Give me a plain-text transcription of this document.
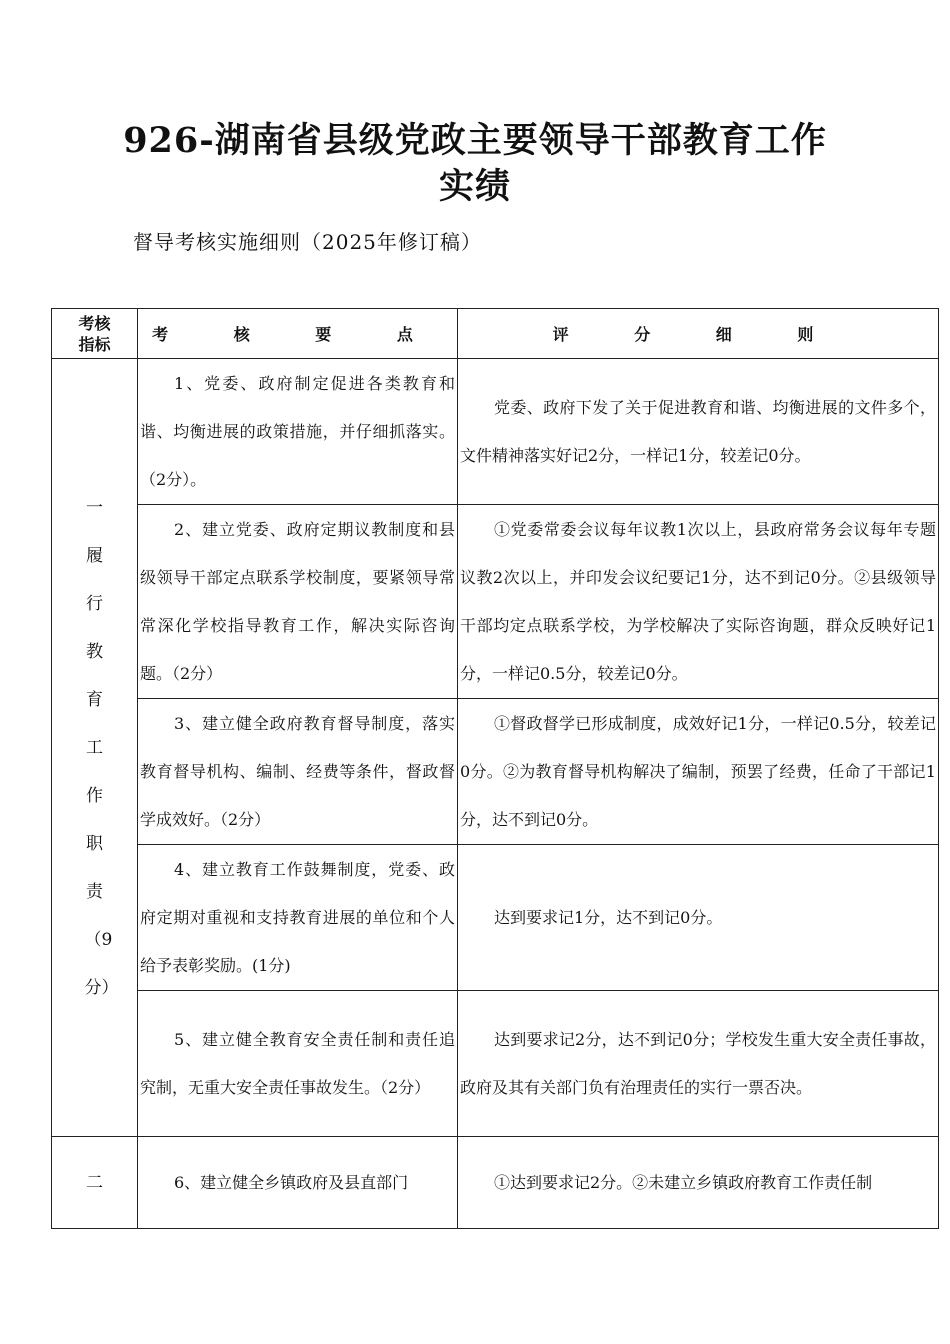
926-湖南省县级党政主要领导干部教育工作实绩
督导考核实施细则（2025年修订稿）
考核指标	考 核 要 点	评 分 细 则
一履行教育工作职责（9分）	1、党委、政府制定促进各类教育和谐、均衡进展的政策措施，并仔细抓落实。（2分）。	党委、政府下发了关于促进教育和谐、均衡进展的文件多个，文件精神落实好记2分，一样记1分，较差记0分。
	2、建立党委、政府定期议教制度和县级领导干部定点联系学校制度，要紧领导常常深化学校指导教育工作，解决实际咨询题。（2分）	①党委常委会议每年议教1次以上，县政府常务会议每年专题议教2次以上，并印发会议纪要记1分，达不到记0分。②县级领导干部均定点联系学校，为学校解决了实际咨询题，群众反映好记1分，一样记0.5分，较差记0分。
	3、建立健全政府教育督导制度，落实教育督导机构、编制、经费等条件，督政督学成效好。（2分）	①督政督学已形成制度，成效好记1分，一样记0.5分，较差记0分。②为教育督导机构解决了编制，预罢了经费，任命了干部记1分，达不到记0分。
	4、建立教育工作鼓舞制度，党委、政府定期对重视和支持教育进展的单位和个人给予表彰奖励。(1分)	达到要求记1分，达不到记0分。
	5、建立健全教育安全责任制和责任追究制，无重大安全责任事故发生。（2分）	达到要求记2分，达不到记0分；学校发生重大安全责任事故，政府及其有关部门负有治理责任的实行一票否决。
二	6、建立健全乡镇政府及县直部门	①达到要求记2分。②未建立乡镇政府教育工作责任制
